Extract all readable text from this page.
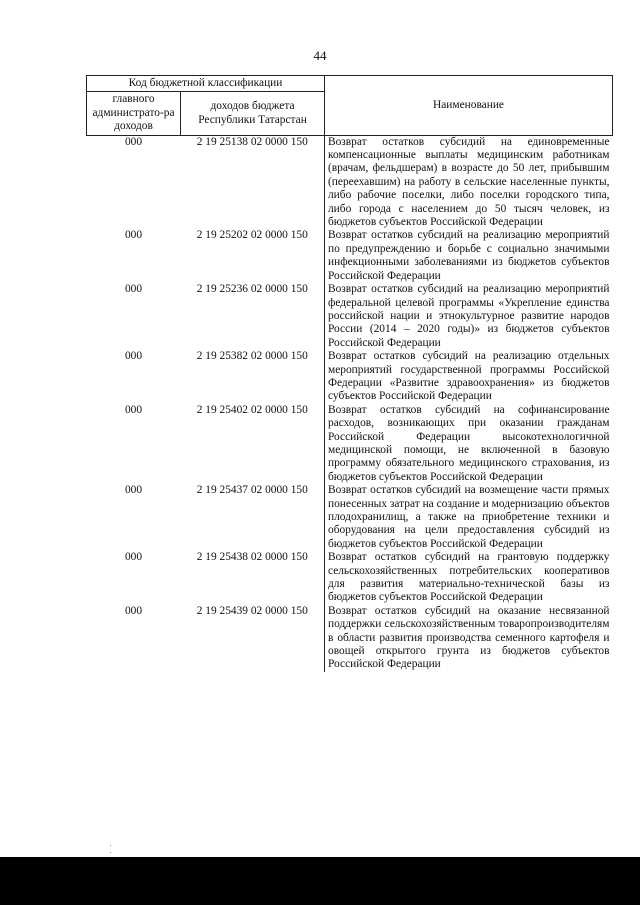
44
Код бюджетной классификации		Наименование
главного администрато-ра доходов	доходов бюджета Республики Татарстан	
000	2 19 25138 02 0000 150	Возврат остатков субсидий на единовременные компенсационные выплаты медицинским работникам (врачам, фельдшерам) в возрасте до 50 лет, прибывшим (переехавшим) на работу в сельские населенные пункты, либо рабочие поселки, либо поселки городского типа, либо города с населением до 50 тысяч человек, из бюджетов субъектов Российской Федерации
000	2 19 25202 02 0000 150	Возврат остатков субсидий на реализацию мероприятий по предупреждению и борьбе с социально значимыми инфекционными заболеваниями из бюджетов субъектов Российской Федерации
000	2 19 25236 02 0000 150	Возврат остатков субсидий на реализацию мероприятий федеральной целевой программы «Укрепление единства российской нации и этнокультурное развитие народов России (2014 – 2020 годы)» из бюджетов субъектов Российской Федерации
000	2 19 25382 02 0000 150	Возврат остатков субсидий на реализацию отдельных мероприятий государственной программы Российской Федерации «Развитие здравоохранения» из бюджетов субъектов Российской Федерации
000	2 19 25402 02 0000 150	Возврат остатков субсидий на софинансирование расходов, возникающих при оказании гражданам Российской Федерации высокотехнологичной медицинской помощи, не включенной в базовую программу обязательного медицинского страхования, из бюджетов субъектов Российской Федерации
000	2 19 25437 02 0000 150	Возврат остатков субсидий на возмещение части прямых понесенных затрат на создание и модернизацию объектов плодохранилищ, а также на приобретение техники и оборудования на цели предоставления субсидий из бюджетов субъектов Российской Федерации
000	2 19 25438 02 0000 150	Возврат остатков субсидий на грантовую поддержку сельскохозяйственных потребительских кооперативов для развития материально-технической базы из бюджетов субъектов Российской Федерации
000	2 19 25439 02 0000 150	Возврат остатков субсидий на оказание несвязанной поддержки сельскохозяйственным товаропроизводителям в области развития производства семенного картофеля и овощей открытого грунта из бюджетов субъектов Российской Федерации
